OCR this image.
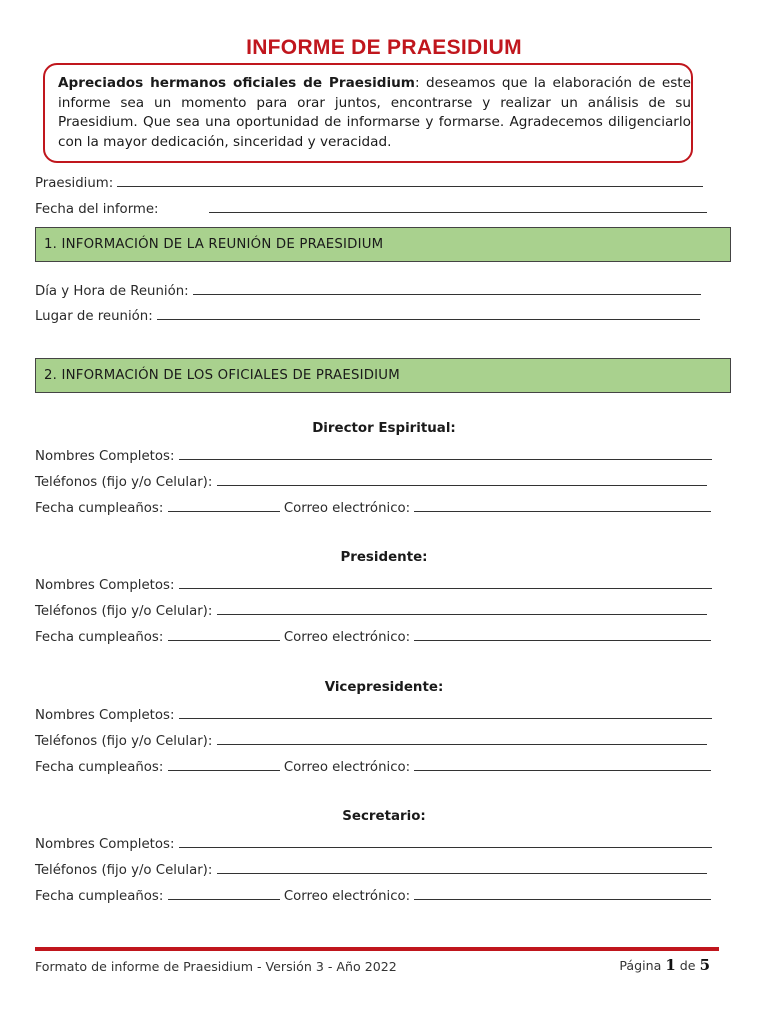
INFORME DE PRAESIDIUM

Apreciados hermanos oficiales de Praesidium: deseamos que la elaboración de este informe sea un momento para orar juntos, encontrarse y realizar un análisis de su Praesidium. Que sea una oportunidad de informarse y formarse. Agradecemos diligenciarlo con la mayor dedicación, sinceridad y veracidad.

Praesidium:
Fecha del informe:
1. INFORMACIÓN DE LA REUNIÓN DE PRAESIDIUM
Día y Hora de Reunión:
Lugar de reunión:
2. INFORMACIÓN DE LOS OFICIALES DE PRAESIDIUM
Director Espiritual:
Nombres Completos:
Teléfonos (fijo y/o Celular):
Fecha cumpleaños:	Correo electrónico:
Presidente:
Nombres Completos:
Teléfonos (fijo y/o Celular):
Fecha cumpleaños:	Correo electrónico:
Vicepresidente:
Nombres Completos:
Teléfonos (fijo y/o Celular):
Fecha cumpleaños:	Correo electrónico:
Secretario:
Nombres Completos:
Teléfonos (fijo y/o Celular):
Fecha cumpleaños:	Correo electrónico:
Formato de informe de Praesidium - Versión 3 - Año 2022	Página 1 de 5
